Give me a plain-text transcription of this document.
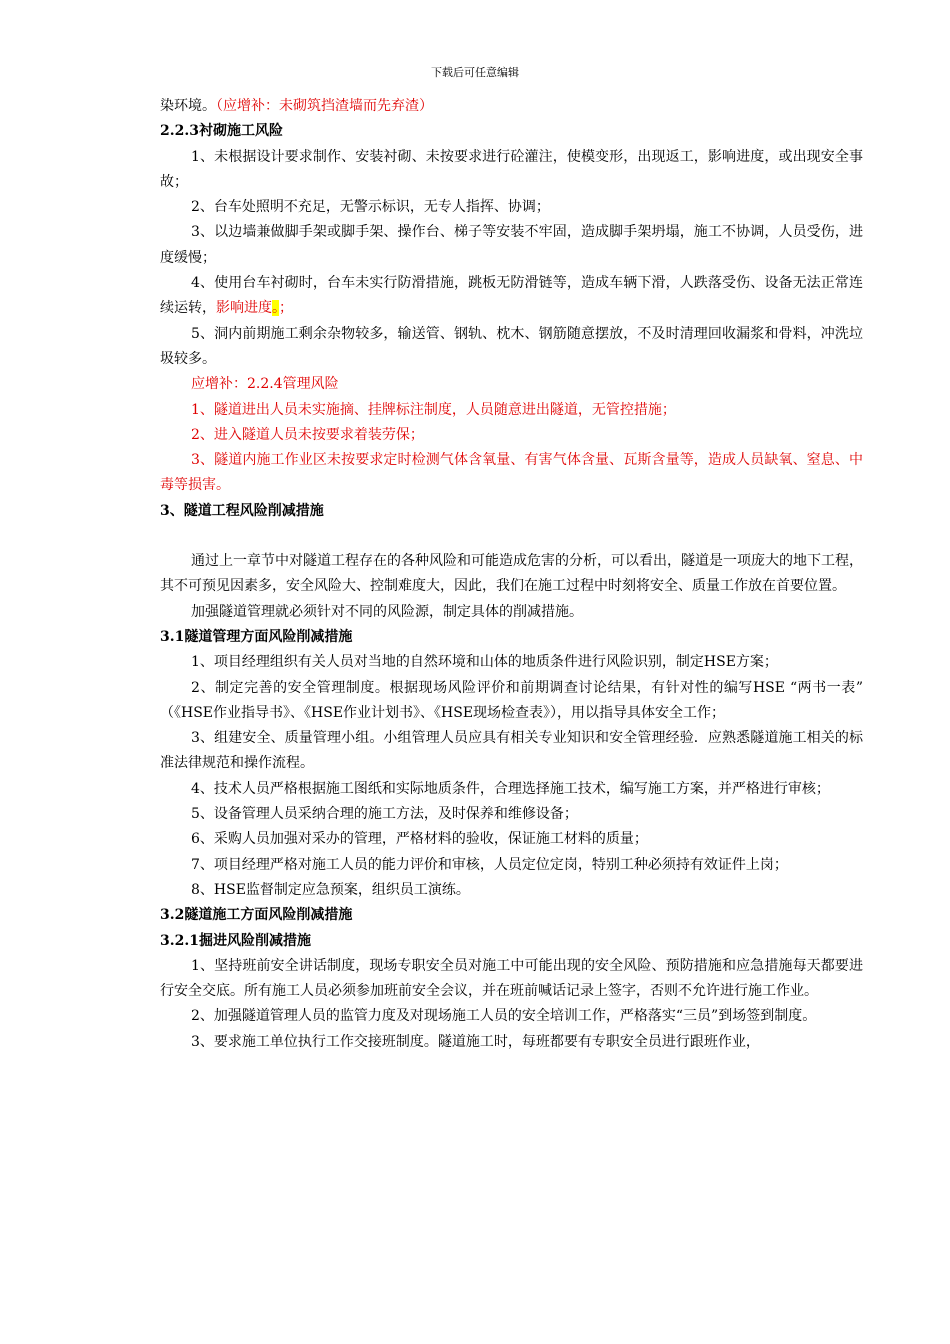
下载后可任意编辑

染环境。（应增补：未砌筑挡渣墙而先弃渣）

2.2.3衬砌施工风险

1、未根据设计要求制作、安装衬砌、未按要求进行砼灌注，使模变形，出现返工，影响进度，或出现安全事故；

2、台车处照明不充足，无警示标识，无专人指挥、协调；

3、以边墙兼做脚手架或脚手架、操作台、梯子等安装不牢固，造成脚手架坍塌，施工不协调，人员受伤，进度缓慢；

4、使用台车衬砌时，台车未实行防滑措施，跳板无防滑链等，造成车辆下滑，人跌落受伤、设备无法正常连续运转，影响进度。；

5、洞内前期施工剩余杂物较多，输送管、钢轨、枕木、钢筋随意摆放，不及时清理回收漏浆和骨料，冲洗垃圾较多。

应增补：2.2.4管理风险

1、隧道进出人员未实施摘、挂牌标注制度，人员随意进出隧道，无管控措施；

2、进入隧道人员未按要求着装劳保；

3、隧道内施工作业区未按要求定时检测气体含氧量、有害气体含量、瓦斯含量等，造成人员缺氧、窒息、中毒等损害。

3、隧道工程风险削减措施

通过上一章节中对隧道工程存在的各种风险和可能造成危害的分析，可以看出，隧道是一项庞大的地下工程，其不可预见因素多，安全风险大、控制难度大，因此，我们在施工过程中时刻将安全、质量工作放在首要位置。

加强隧道管理就必须针对不同的风险源，制定具体的削减措施。

3.1隧道管理方面风险削减措施

1、项目经理组织有关人员对当地的自然环境和山体的地质条件进行风险识别，制定HSE方案；

2、制定完善的安全管理制度。根据现场风险评价和前期调查讨论结果，有针对性的编写HSE “两书一表” （《HSE作业指导书》、《HSE作业计划书》、《HSE现场检查表》），用以指导具体安全工作；

3、组建安全、质量管理小组。小组管理人员应具有相关专业知识和安全管理经验．应熟悉隧道施工相关的标准法律规范和操作流程。

4、技术人员严格根据施工图纸和实际地质条件，合理选择施工技术，编写施工方案，并严格进行审核；

5、设备管理人员采纳合理的施工方法，及时保养和维修设备；

6、采购人员加强对采办的管理，严格材料的验收，保证施工材料的质量；

7、项目经理严格对施工人员的能力评价和审核，人员定位定岗，特别工种必须持有效证件上岗；

8、HSE监督制定应急预案，组织员工演练。

3.2隧道施工方面风险削减措施

3.2.1掘进风险削减措施

1、坚持班前安全讲话制度，现场专职安全员对施工中可能出现的安全风险、预防措施和应急措施每天都要进行安全交底。所有施工人员必须参加班前安全会议，并在班前喊话记录上签字，否则不允许进行施工作业。

2、加强隧道管理人员的监管力度及对现场施工人员的安全培训工作，严格落实“三员”到场签到制度。

3、要求施工单位执行工作交接班制度。隧道施工时，每班都要有专职安全员进行跟班作业，
